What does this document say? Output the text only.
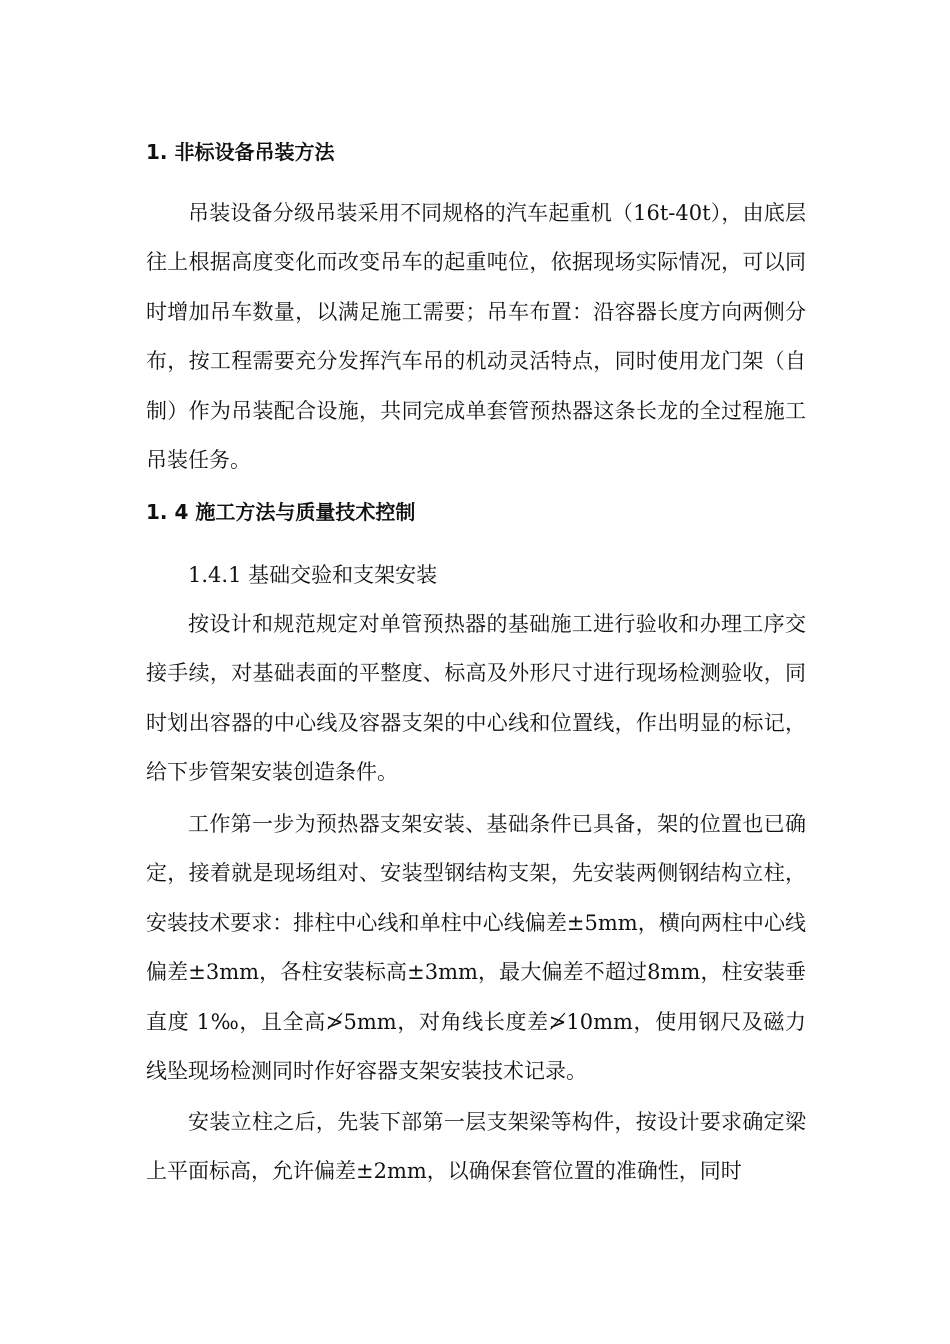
1. 非标设备吊装方法

吊装设备分级吊装采用不同规格的汽车起重机（16t-40t），由底层往上根据高度变化而改变吊车的起重吨位，依据现场实际情况，可以同时增加吊车数量，以满足施工需要；吊车布置：沿容器长度方向两侧分布，按工程需要充分发挥汽车吊的机动灵活特点，同时使用龙门架（自制）作为吊装配合设施，共同完成单套管预热器这条长龙的全过程施工吊装任务。

1. 4 施工方法与质量技术控制

1.4.1 基础交验和支架安装

按设计和规范规定对单管预热器的基础施工进行验收和办理工序交接手续，对基础表面的平整度、标高及外形尺寸进行现场检测验收，同时划出容器的中心线及容器支架的中心线和位置线，作出明显的标记，给下步管架安装创造条件。

工作第一步为预热器支架安装、基础条件已具备，架的位置也已确定，接着就是现场组对、安装型钢结构支架，先安装两侧钢结构立柱，安装技术要求：排柱中心线和单柱中心线偏差±5mm，横向两柱中心线偏差±3mm，各柱安装标高±3mm，最大偏差不超过8mm，柱安装垂直度 1‰，且全高≯5mm，对角线长度差≯10mm，使用钢尺及磁力线坠现场检测同时作好容器支架安装技术记录。

安装立柱之后，先装下部第一层支架梁等构件，按设计要求确定梁上平面标高，允许偏差±2mm，以确保套管位置的准确性，同时
